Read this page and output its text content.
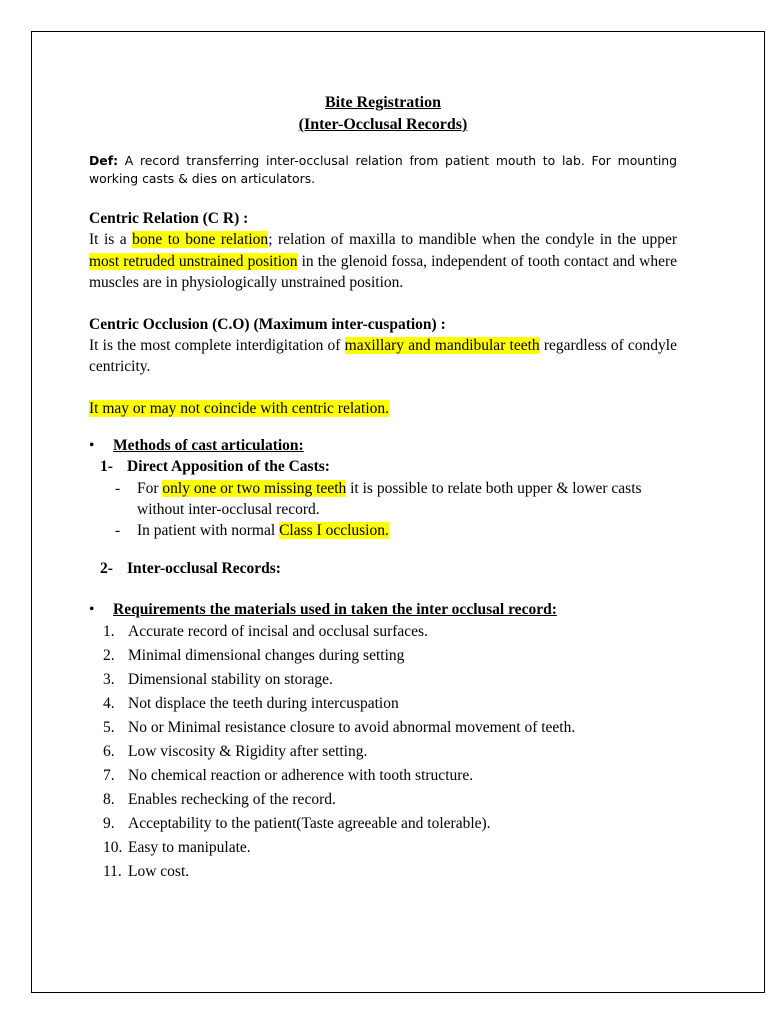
Bite Registration
(Inter-Occlusal Records)
Def: A record transferring inter-occlusal relation from patient mouth to lab. For mounting working casts & dies on articulators.
Centric Relation (C R) :
It is a bone to bone relation; relation of maxilla to mandible when the condyle in the upper most retruded unstrained position in the glenoid fossa, independent of tooth contact and where muscles are in physiologically unstrained position.
Centric Occlusion (C.O) (Maximum inter-cuspation) :
It is the most complete interdigitation of maxillary and mandibular teeth regardless of condyle centricity.
It may or may not coincide with centric relation.
•	Methods of cast articulation:
1- Direct Apposition of the Casts:
-	For only one or two missing teeth it is possible to relate both upper & lower casts without inter-occlusal record.
-	In patient with normal Class I occlusion.
2- Inter-occlusal Records:
•	Requirements the materials used in taken the inter occlusal record:
1. Accurate record of incisal and occlusal surfaces.
2. Minimal dimensional changes during setting
3. Dimensional stability on storage.
4. Not displace the teeth during intercuspation
5. No or Minimal resistance closure to avoid abnormal movement of teeth.
6. Low viscosity & Rigidity after setting.
7. No chemical reaction or adherence with tooth structure.
8. Enables rechecking of the record.
9. Acceptability to the patient(Taste agreeable and tolerable).
10. Easy to manipulate.
11. Low cost.
